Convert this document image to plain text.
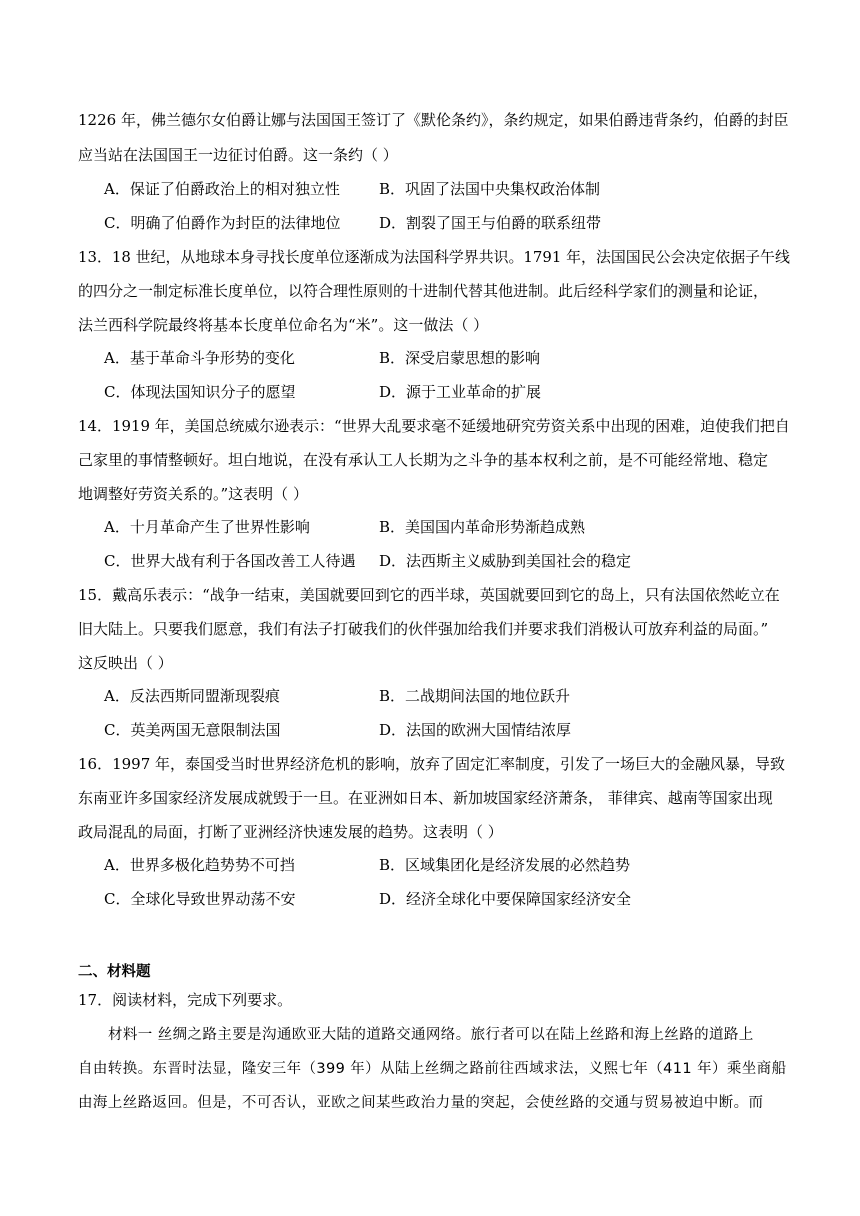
1226 年，佛兰德尔女伯爵让娜与法国国王签订了《默伦条约》，条约规定，如果伯爵违背条约，伯爵的封臣
应当站在法国国王一边征讨伯爵。这一条约（ ）
A．保证了伯爵政治上的相对独立性	B．巩固了法国中央集权政治体制
C．明确了伯爵作为封臣的法律地位	D．割裂了国王与伯爵的联系纽带
13．18 世纪，从地球本身寻找长度单位逐渐成为法国科学界共识。1791 年，法国国民公会决定依据子午线
的四分之一制定标准长度单位，以符合理性原则的十进制代替其他进制。此后经科学家们的测量和论证，
法兰西科学院最终将基本长度单位命名为“米”。这一做法（ ）
A．基于革命斗争形势的变化	B．深受启蒙思想的影响
C．体现法国知识分子的愿望	D．源于工业革命的扩展
14．1919 年，美国总统威尔逊表示：“世界大乱要求毫不延缓地研究劳资关系中出现的困难，迫使我们把自
己家里的事情整顿好。坦白地说，在没有承认工人长期为之斗争的基本权利之前，是不可能经常地、稳定
地调整好劳资关系的。”这表明（ ）
A．十月革命产生了世界性影响	B．美国国内革命形势渐趋成熟
C．世界大战有利于各国改善工人待遇 D．法西斯主义威胁到美国社会的稳定
15．戴高乐表示：“战争一结束，美国就要回到它的西半球，英国就要回到它的岛上，只有法国依然屹立在
旧大陆上。只要我们愿意，我们有法子打破我们的伙伴强加给我们并要求我们消极认可放弃利益的局面。”
这反映出（ ）
A．反法西斯同盟渐现裂痕	B．二战期间法国的地位跃升
C．英美两国无意限制法国	D．法国的欧洲大国情结浓厚
16．1997 年，泰国受当时世界经济危机的影响，放弃了固定汇率制度，引发了一场巨大的金融风暴，导致
东南亚许多国家经济发展成就毁于一旦。在亚洲如日本、新加坡国家经济萧条， 菲律宾、越南等国家出现
政局混乱的局面，打断了亚洲经济快速发展的趋势。这表明（ ）
A．世界多极化趋势势不可挡	B．区域集团化是经济发展的必然趋势
C．全球化导致世界动荡不安	D．经济全球化中要保障国家经济安全
二、材料题
17．阅读材料，完成下列要求。
材料一 丝绸之路主要是沟通欧亚大陆的道路交通网络。旅行者可以在陆上丝路和海上丝路的道路上
自由转换。东晋时法显，隆安三年（399 年）从陆上丝绸之路前往西域求法，义熙七年（411 年）乘坐商船
由海上丝路返回。但是，不可否认，亚欧之间某些政治力量的突起，会使丝路的交通与贸易被迫中断。而
